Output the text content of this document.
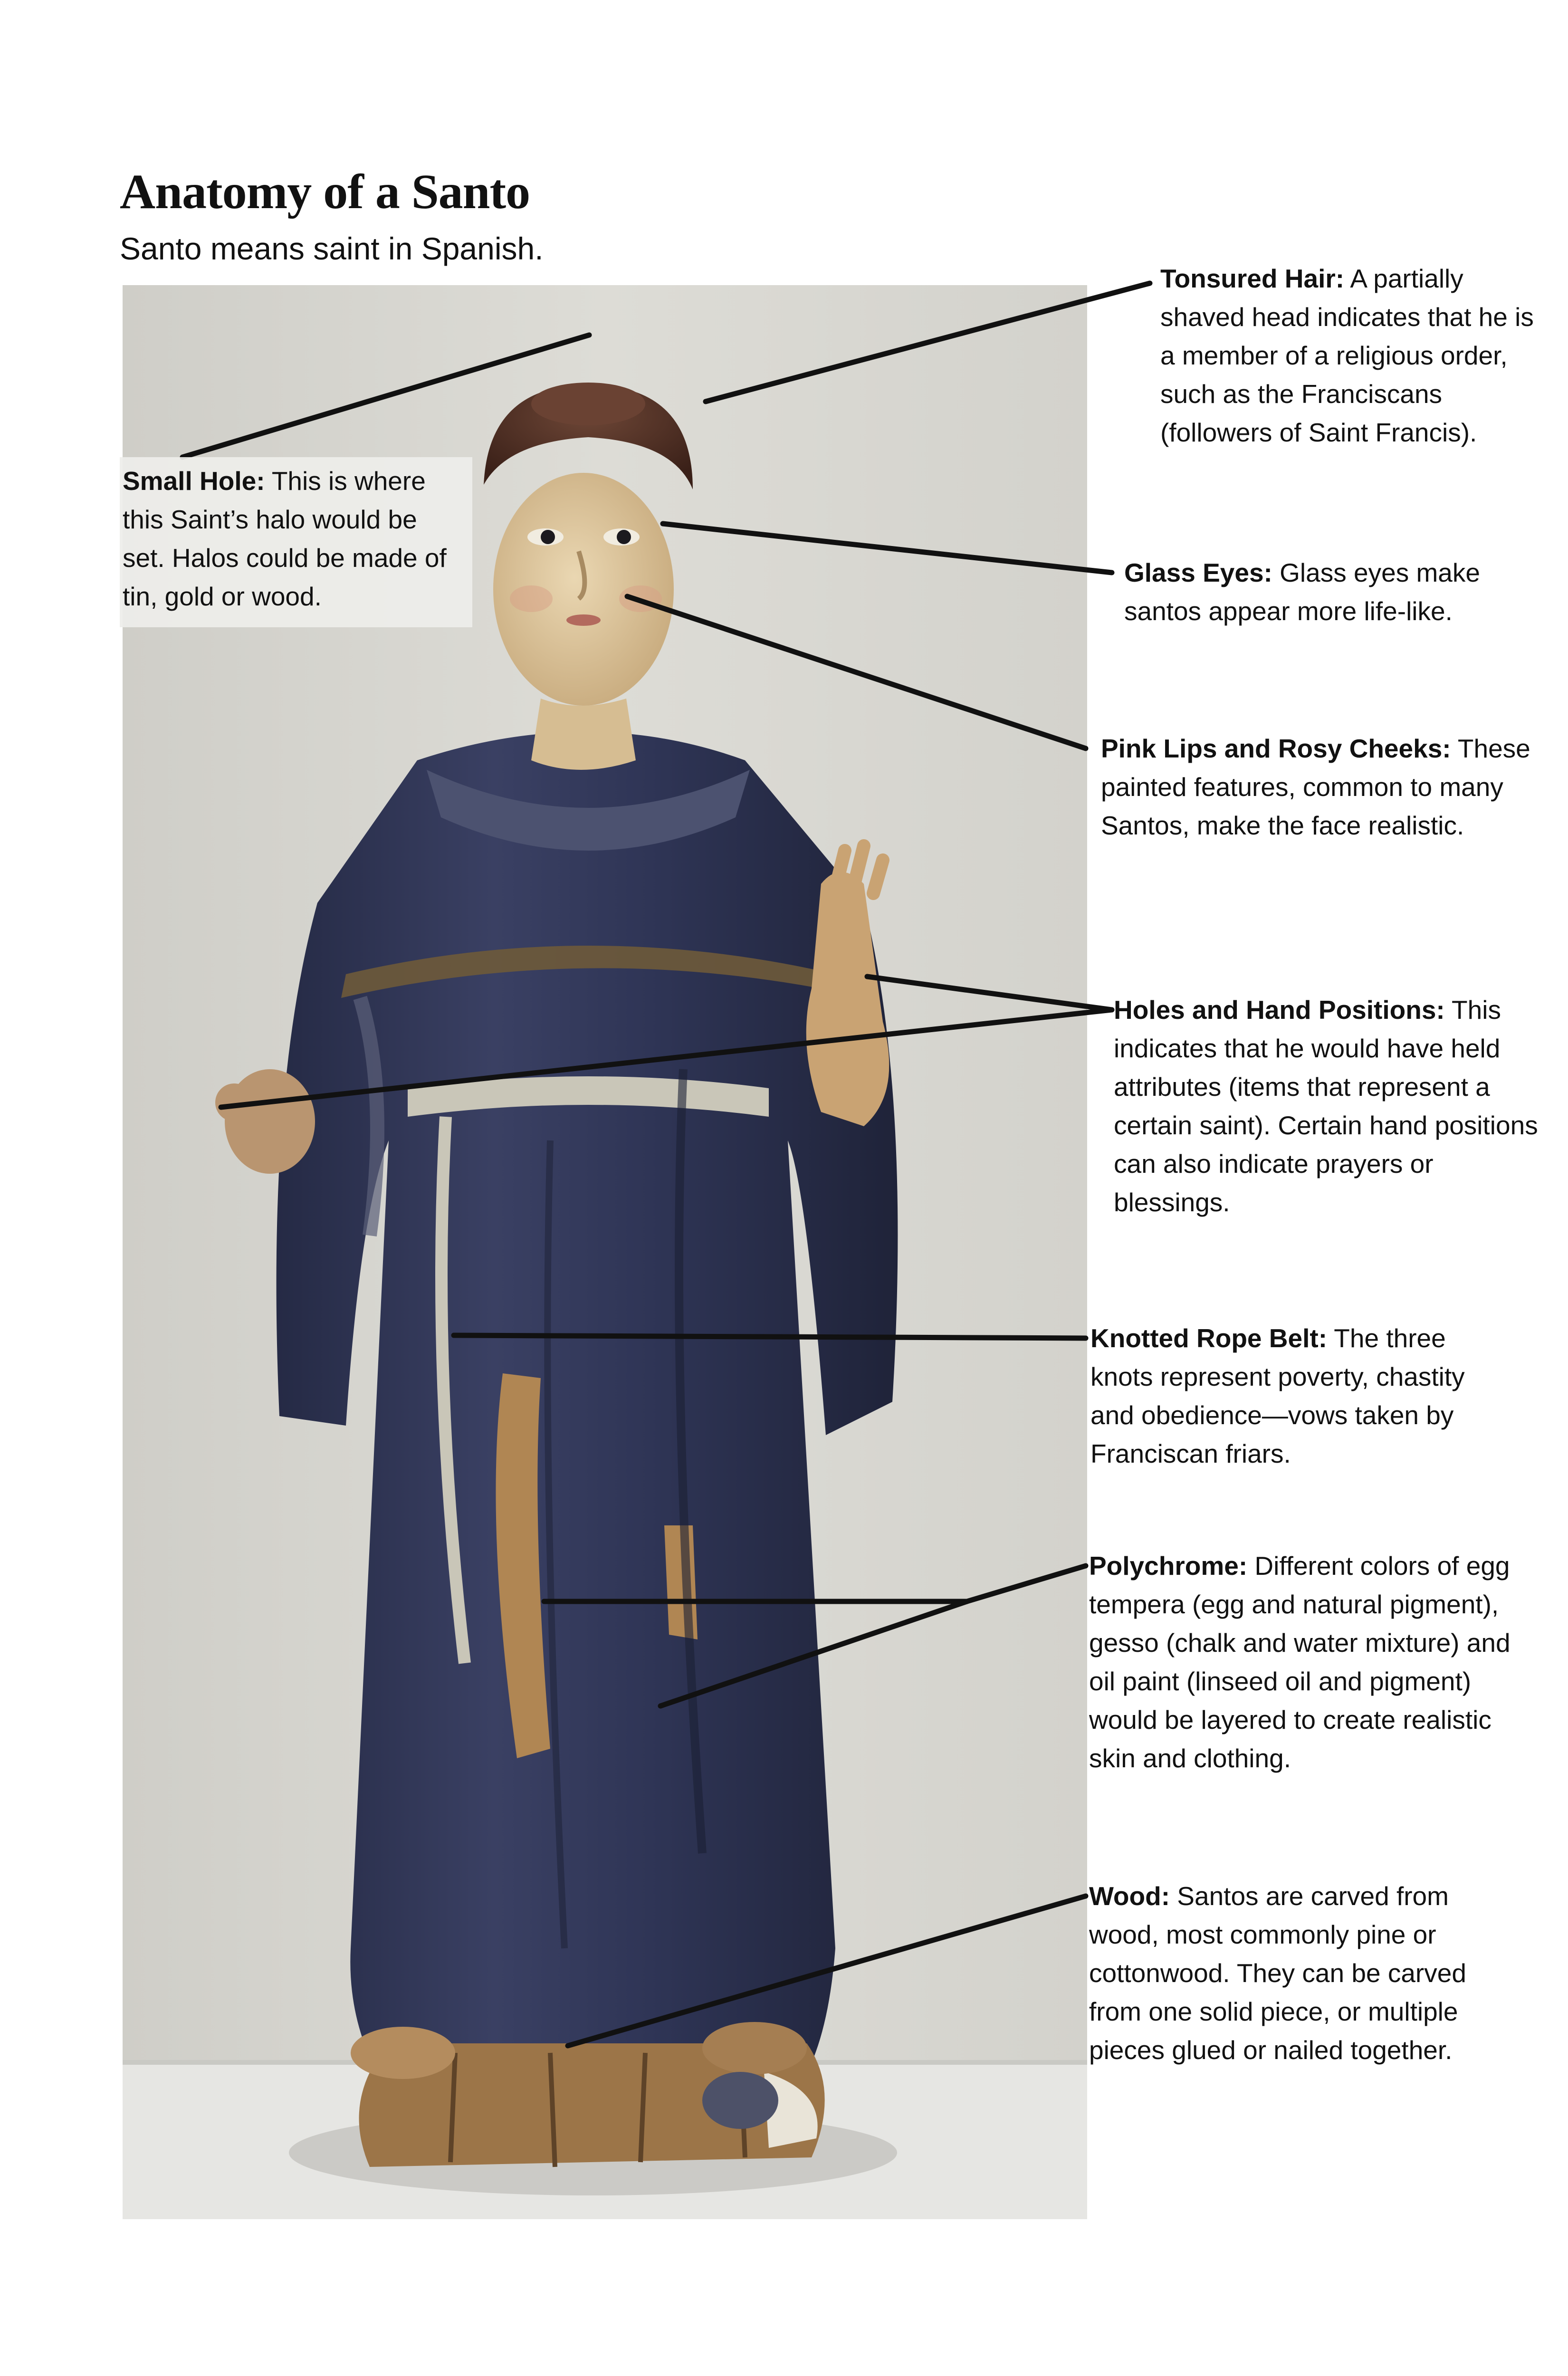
Anatomy of a Santo

Santo means saint in Spanish.

Small Hole: This is where this Saint’s halo would be set. Halos could be made of tin, gold or wood.

Tonsured Hair: A partially shaved head indicates that he is a member of a religious order, such as the Franciscans (followers of Saint Francis).

Glass Eyes: Glass eyes make santos appear more life-like.

Pink Lips and Rosy Cheeks: These painted features, common to many Santos, make the face realistic.

Holes and Hand Positions: This indicates that he would have held attributes (items that represent a certain saint). Certain hand positions can also indicate prayers or blessings.

Knotted Rope Belt: The three knots represent poverty, chastity and obedience—vows taken by Franciscan friars.

Polychrome: Different colors of egg tempera (egg and natural pigment), gesso (chalk and water mixture) and oil paint (linseed oil and pigment) would be layered to create realistic skin and clothing.

Wood: Santos are carved from wood, most commonly pine or cottonwood. They can be carved from one solid piece, or multiple pieces glued or nailed together.
